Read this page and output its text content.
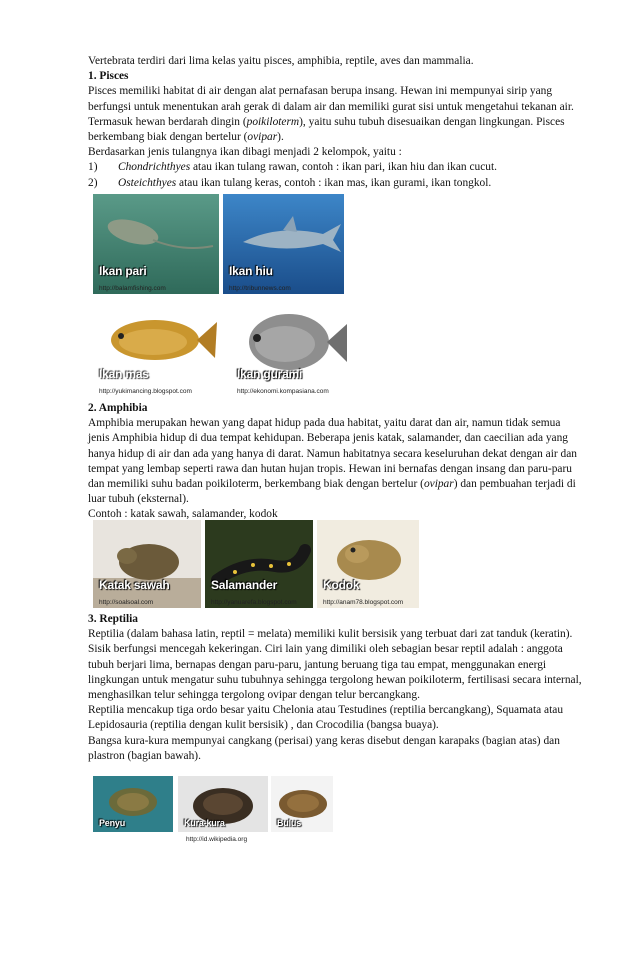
Vertebrata terdiri dari lima kelas yaitu pisces, amphibia, reptile, aves dan mammalia.

1. Pisces

Pisces memiliki habitat di air dengan alat pernafasan berupa insang. Hewan ini mempunyai sirip yang berfungsi untuk menentukan arah gerak di dalam air dan memiliki gurat sisi untuk mengetahui tekanan air. Termasuk hewan berdarah dingin (poikiloterm), yaitu suhu tubuh disesuaikan dengan lingkungan. Pisces berkembang biak dengan bertelur (ovipar).

Berdasarkan jenis tulangnya ikan dibagi menjadi 2 kelompok, yaitu :

1) Chondrichthyes atau ikan tulang rawan, contoh : ikan pari, ikan hiu dan ikan cucut.

2) Osteichthyes atau ikan tulang keras, contoh : ikan mas, ikan gurami, ikan tongkol.

Ikan pari
http://balamfishing.com
Ikan hiu
http://tribunnews.com
Ikan mas
http://yukimancing.blogspot.com
Ikan gurami
http://ekonomi.kompasiana.com

2. Amphibia

Amphibia merupakan hewan yang dapat hidup pada dua habitat, yaitu darat dan air, namun tidak semua jenis Amphibia hidup di dua tempat kehidupan. Beberapa jenis katak, salamander, dan caecilian ada yang hanya hidup di air dan ada yang hanya di darat. Namun habitatnya secara keseluruhan dekat dengan air dan tempat yang lembap seperti rawa dan hutan hujan tropis. Hewan ini bernafas dengan insang dan paru-paru dan memiliki suhu badan poikiloterm, berkembang biak dengan bertelur (ovipar) dan pembuahan terjadi di luar tubuh (eksternal).

Contoh : katak sawah, salamander, kodok

Katak sawah
http://soalsoal.com
Salamander
http://yanuarefa.blogspot.com
Kodok
http://anam78.blogspot.com

3. Reptilia

Reptilia (dalam bahasa latin, reptil = melata) memiliki kulit bersisik yang terbuat dari zat tanduk (keratin). Sisik berfungsi mencegah kekeringan. Ciri lain yang dimiliki oleh sebagian besar reptil adalah : anggota tubuh berjari lima, bernapas dengan paru-paru, jantung beruang tiga tau empat, menggunakan energi lingkungan untuk mengatur suhu tubuhnya sehingga tergolong hewan poikiloterm, fertilisasi secara internal, menghasilkan telur sehingga tergolong ovipar dengan telur bercangkang.

Reptilia mencakup tiga ordo besar yaitu Chelonia atau Testudines (reptilia bercangkang), Squamata atau Lepidosauria (reptilia dengan kulit bersisik) , dan Crocodilia (bangsa buaya).

Bangsa kura-kura mempunyai cangkang (perisai) yang keras disebut dengan karapaks (bagian atas) dan plastron (bagian bawah).

Penyu	Kura-kura	Bulus
http://id.wikipedia.org
